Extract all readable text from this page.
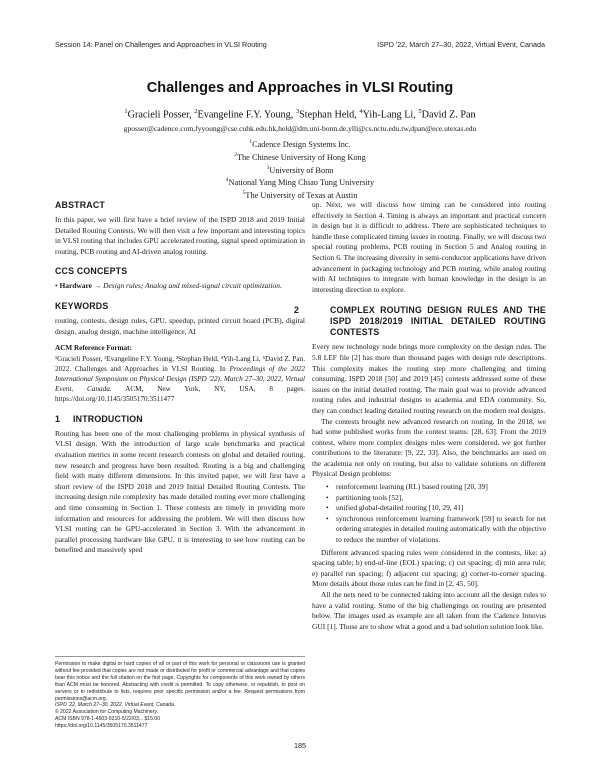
Session 14: Panel on Challenges and Approaches in VLSI Routing	ISPD '22, March 27–30, 2022, Virtual Event, Canada
Challenges and Approaches in VLSI Routing
$^1$Gracieli Posser, $^2$Evangeline F.Y. Young, $^3$Stephan Held, $^4$Yih-Lang Li, $^5$David Z. Pan
gposser@cadence.com,fyyoung@cse.cuhk.edu.hk,held@dm.uni-bonn.de,ylli@cs.nctu.edu.tw,dpan@ece.utexas.edu
$^1$Cadence Design Systems Inc.
$^2$The Chinese University of Hong Kong
$^3$University of Bonn
$^4$National Yang Ming Chiao Tung University
$^5$The University of Texas at Austin
ABSTRACT

In this paper, we will first have a brief review of the ISPD 2018 and 2019 Initial Detailed Routing Contests. We will then visit a few important and interesting topics in VLSI routing that includes GPU accelerated routing, signal speed optimization in routing, PCB routing and AI-driven analog routing.

CCS CONCEPTS

• Hardware → Design rules; Analog and mixed-signal circuit optimization.

KEYWORDS

routing, contests, design rules, GPU, speedup, printed circuit board (PCB), digital design, analog design, machine intelligence, AI

ACM Reference Format:

¹Gracieli Posser, ²Evangeline F.Y. Young, ³Stephan Held, ⁴Yih-Lang Li, ⁵David Z. Pan. 2022. Challenges and Approaches in VLSI Routing. In Proceedings of the 2022 International Symposium on Physical Design (ISPD '22), March 27–30, 2022, Virtual Event, Canada. ACM, New York, NY, USA, 8 pages. https://doi.org/10.1145/3505170.3511477

1 INTRODUCTION

Routing has been one of the most challenging problems in physical synthesis of VLSI design. With the introduction of large scale benchmarks and practical evaluation metrics in some recent research contests on global and detailed routing, new research and progress have been resulted. Routing is a big and challenging field with many different dimensions. In this invited paper, we will first have a short review of the ISPD 2018 and 2019 Initial Detailed Routing Contests. The increasing design rule complexity has made detailed routing ever more challenging and time consuming in Section 1. These contests are timely in providing more information and resources for addressing the problem. We will then discuss how VLSI routing can be GPU-accelerated in Section 3. With the advancement in parallel processing hardware like GPU, it is interesting to see how routing can be benefited and massively sped

Permission to make digital or hard copies of all or part of this work for personal or classroom use is granted without fee provided that copies are not made or distributed for profit or commercial advantage and that copies bear this notice and the full citation on the first page. Copyrights for components of this work owned by others than ACM must be honored. Abstracting with credit is permitted. To copy otherwise, or republish, to post on servers or to redistribute to lists, requires prior specific permission and/or a fee. Request permissions from permissions@acm.org.
ISPD '22, March 27–30, 2022, Virtual Event, Canada.
© 2022 Association for Computing Machinery.
ACM ISBN 978-1-4503-9210-5/22/03... $15.00
https://doi.org/10.1145/3505170.3511477

up. Next, we will discuss how timing can be considered into routing effectively in Section 4. Timing is always an important and practical concern in design but it is difficult to address. There are sophisticated techniques to handle these complicated timing issues in routing. Finally, we will discuss two special routing problems, PCB routing in Section 5 and Analog routing in Section 6. The increasing diversity in semi-conductor applications have driven advancement in packaging technology and PCB routing, while analog routing with AI techniques to integrate with human knowledge in the design is an interesting direction to explore.

2	COMPLEX ROUTING DESIGN RULES AND THE ISPD 2018/2019 INITIAL DETAILED ROUTING CONTESTS

Every new technology node brings more complexity on the design rules. The 5.8 LEF file [2] has more than thousand pages with design rule descriptions. This complexity makes the routing step more challenging and timing consuming. ISPD 2018 [50] and 2019 [45] contests addressed some of these issues on the initial detailed routing. The main goal was to provide advanced routing rules and industrial designs to academia and EDA community. So, they can conduct leading detailed routing research on the modern real designs.

The contests brought new advanced research on routing. In the 2018, we had some published works from the contest teams: [28, 63]. From the 2019 contest, where more complex designs rules were considered, we got further contributions to the literature: [9, 22, 33]. Also, the benchmarks are used on the academia not only on routing, but also to validate solutions on different Physical Design problems:

• reinforcement learning (RL) based routing [20, 39]
• partitioning tools [52],
• unified global-detailed routing [10, 29, 41]
• synchronous reinforcement learning framework [59] to search for net ordering strategies in detailed routing automatically with the objective to reduce the number of violations.

Different advanced spacing rules were considered in the contests, like: a) spacing table; b) end-of-line (EOL) spacing; c) cut spacing; d) min area rule; e) parallel run spacing; f) adjacent cut spacing; g) corner-to-corner spacing. More details about those rules can be find in [2, 45, 50].

All the nets need to be connected taking into account all the design rules to have a valid routing. Some of the big challengings on routing are presented below. The images used as example are all taken from the Cadence Innovus GUI [1]. Those are to show what a good and a bad solution solution look like.

185
